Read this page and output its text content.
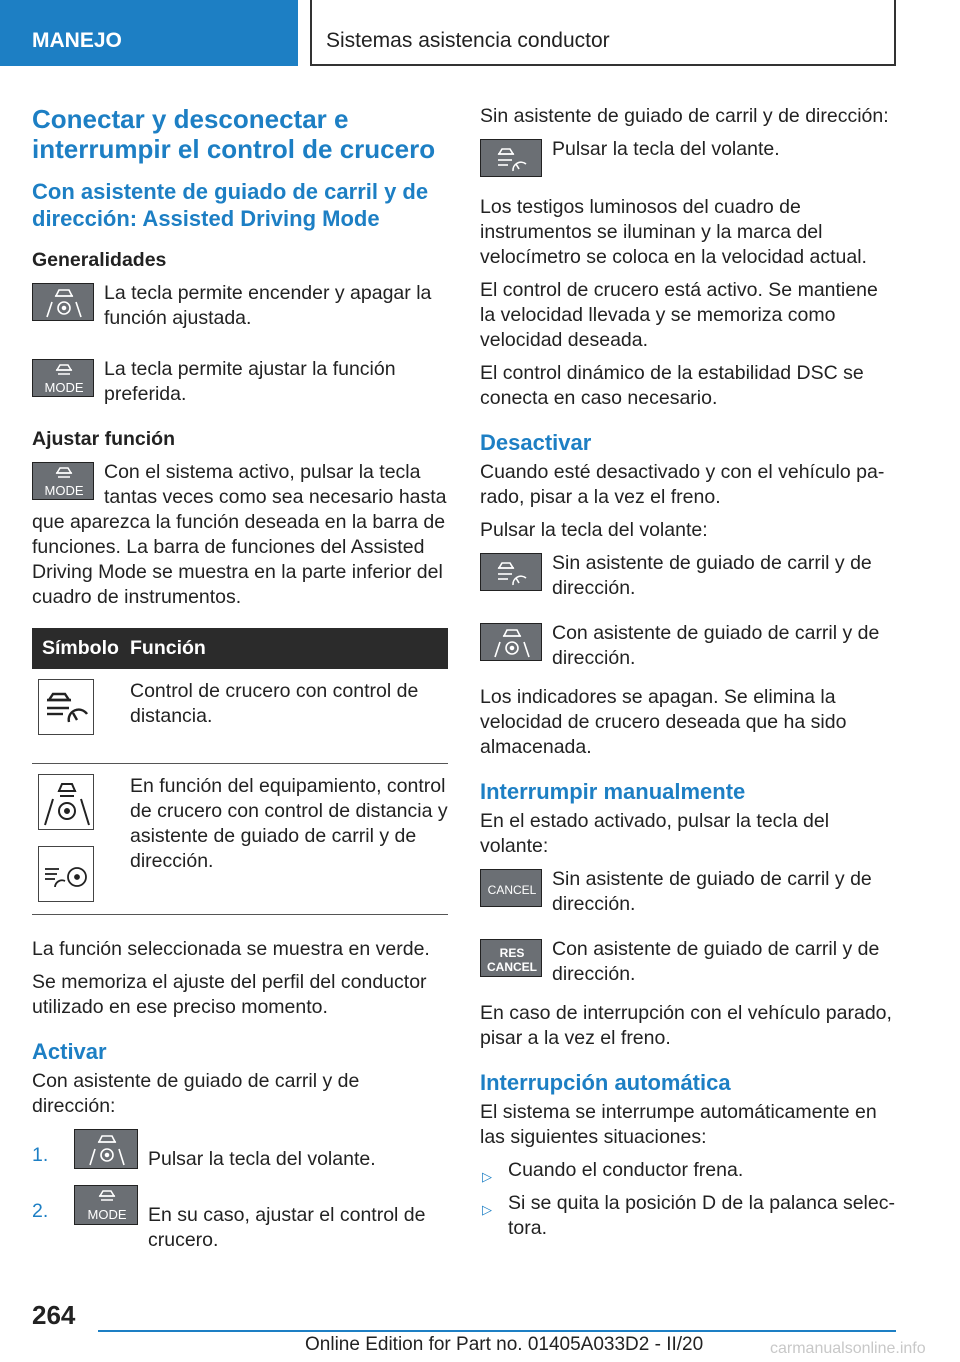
MANEJO	Sistemas asistencia conductor
Conectar y desconectar e interrumpir el control de crucero
Con asistente de guiado de carril y de dirección: Assisted Driving Mode
Generalidades

La tecla permite encender y apagar la función ajustada.

MODE

La tecla permite ajustar la función preferida.

Ajustar función
MODE

Con el sistema activo, pulsar la tecla tantas veces como sea necesario hasta que aparezca la función deseada en la barra de funciones. La barra de funciones del Assisted Driving Mode se muestra en la parte inferior del cuadro de instrumentos.

Símbolo	Función

	Control de crucero con control de distancia.

	En función del equipamiento, control de crucero con control de distancia y asistente de guiado de carril y de dirección.

La función seleccionada se muestra en verde.

Se memoriza el ajuste del perfil del conductor utilizado en ese preciso momento.

Activar

Con asistente de guiado de carril y de dirección:

1.	Pulsar la tecla del volante.
2.	MODE	En su caso, ajustar el control de crucero.

Sin asistente de guiado de carril y de dirección:

Pulsar la tecla del volante.

Los testigos luminosos del cuadro de instrumentos se iluminan y la marca del velocímetro se coloca en la velocidad actual.

El control de crucero está activo. Se mantiene la velocidad llevada y se memoriza como velocidad deseada.

El control dinámico de la estabilidad DSC se conecta en caso necesario.

Desactivar

Cuando esté desactivado y con el vehículo parado, pisar a la vez el freno.

Pulsar la tecla del volante:

Sin asistente de guiado de carril y de dirección.

Con asistente de guiado de carril y de dirección.

Los indicadores se apagan. Se elimina la velocidad de crucero deseada que ha sido almacenada.

Interrumpir manualmente

En el estado activado, pulsar la tecla del volante:

CANCEL Sin asistente de guiado de carril y de dirección.

RES
CANCEL

Con asistente de guiado de carril y de dirección.

En caso de interrupción con el vehículo parado, pisar a la vez el freno.

Interrupción automática

El sistema se interrumpe automáticamente en las siguientes situaciones:

▷ Cuando el conductor frena.
▷ Si se quita la posición D de la palanca selectora.
264
Online Edition for Part no. 01405A033D2 - II/20	carmanualsonline.info
